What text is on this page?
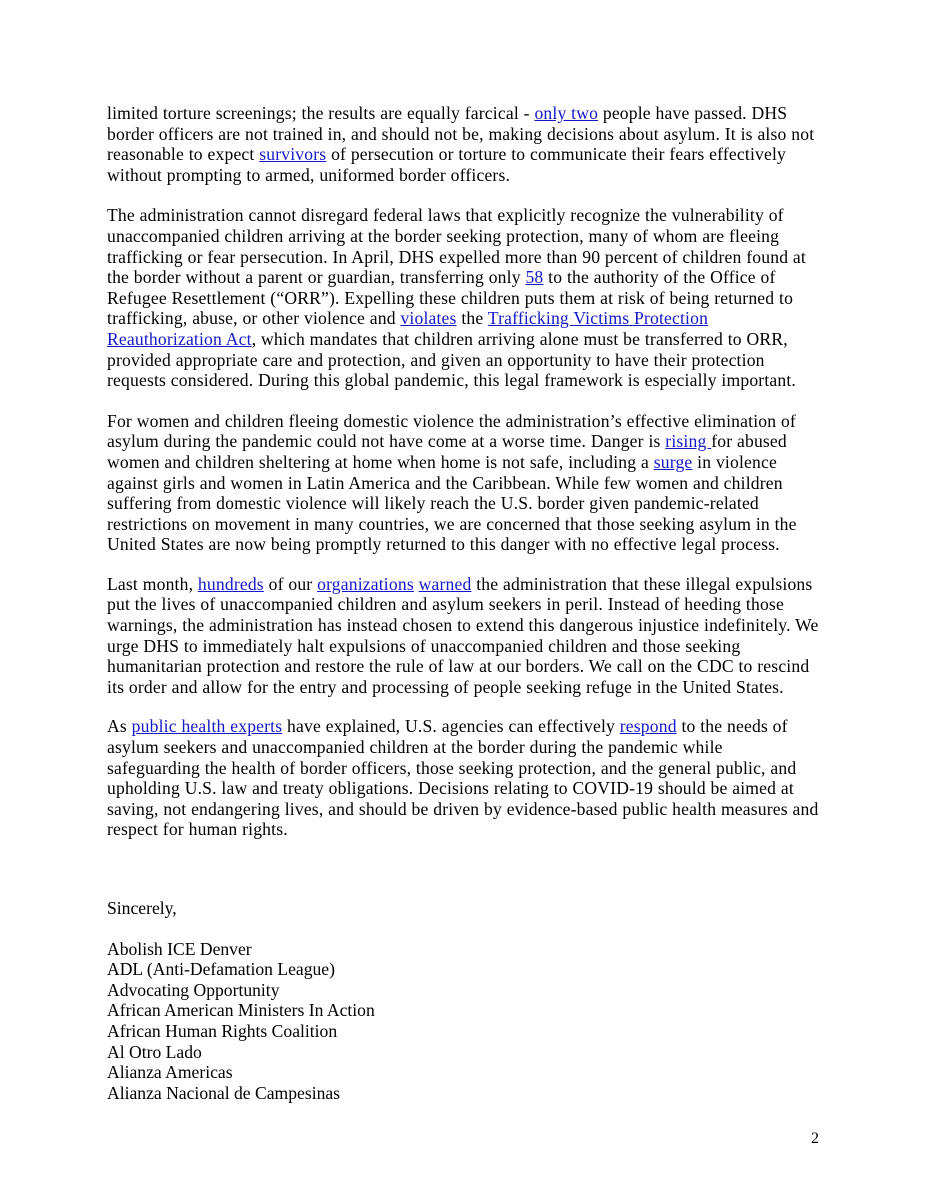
limited torture screenings; the results are equally farcical - only two people have passed. DHS border officers are not trained in, and should not be, making decisions about asylum. It is also not reasonable to expect survivors of persecution or torture to communicate their fears effectively without prompting to armed, uniformed border officers.

The administration cannot disregard federal laws that explicitly recognize the vulnerability of unaccompanied children arriving at the border seeking protection, many of whom are fleeing trafficking or fear persecution. In April, DHS expelled more than 90 percent of children found at the border without a parent or guardian, transferring only 58 to the authority of the Office of Refugee Resettlement (“ORR”). Expelling these children puts them at risk of being returned to trafficking, abuse, or other violence and violates the Trafficking Victims Protection Reauthorization Act, which mandates that children arriving alone must be transferred to ORR, provided appropriate care and protection, and given an opportunity to have their protection requests considered. During this global pandemic, this legal framework is especially important.

For women and children fleeing domestic violence the administration’s effective elimination of asylum during the pandemic could not have come at a worse time. Danger is rising for abused women and children sheltering at home when home is not safe, including a surge in violence against girls and women in Latin America and the Caribbean. While few women and children suffering from domestic violence will likely reach the U.S. border given pandemic-related restrictions on movement in many countries, we are concerned that those seeking asylum in the United States are now being promptly returned to this danger with no effective legal process.

Last month, hundreds of our organizations warned the administration that these illegal expulsions put the lives of unaccompanied children and asylum seekers in peril. Instead of heeding those warnings, the administration has instead chosen to extend this dangerous injustice indefinitely. We urge DHS to immediately halt expulsions of unaccompanied children and those seeking humanitarian protection and restore the rule of law at our borders. We call on the CDC to rescind its order and allow for the entry and processing of people seeking refuge in the United States.

As public health experts have explained, U.S. agencies can effectively respond to the needs of asylum seekers and unaccompanied children at the border during the pandemic while safeguarding the health of border officers, those seeking protection, and the general public, and upholding U.S. law and treaty obligations. Decisions relating to COVID-19 should be aimed at saving, not endangering lives, and should be driven by evidence-based public health measures and respect for human rights.

Sincerely,

Abolish ICE Denver
ADL (Anti-Defamation League)
Advocating Opportunity
African American Ministers In Action
African Human Rights Coalition
Al Otro Lado
Alianza Americas
Alianza Nacional de Campesinas
2
